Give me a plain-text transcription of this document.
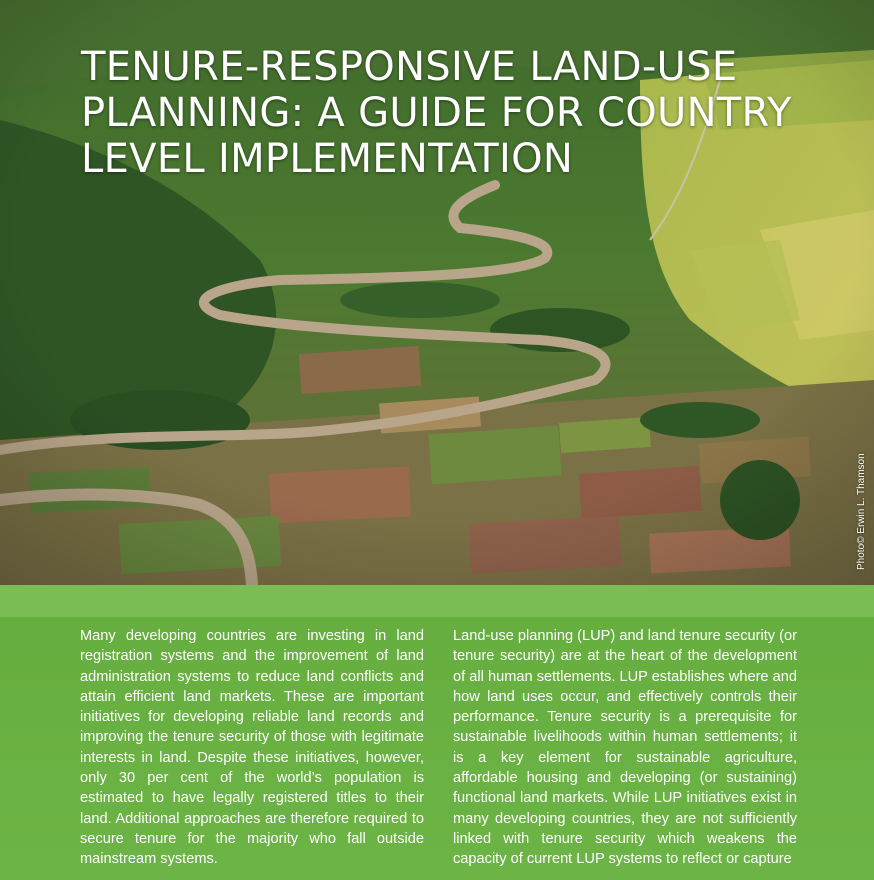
TENURE-RESPONSIVE LAND-USE PLANNING: A GUIDE FOR COUNTRY LEVEL IMPLEMENTATION
Photo© Erwin L. Thamson

Many developing countries are investing in land registration systems and the improvement of land administration systems to reduce land conflicts and attain efficient land markets. These are important initiatives for developing reliable land records and improving the tenure security of those with legitimate interests in land. Despite these initiatives, however, only 30 per cent of the world’s population is estimated to have legally registered titles to their land. Additional approaches are therefore required to secure tenure for the majority who fall outside mainstream systems.

Land-use planning (LUP) and land tenure security (or tenure security) are at the heart of the development of all human settlements. LUP establishes where and how land uses occur, and effectively controls their performance. Tenure security is a prerequisite for sustainable livelihoods within human settlements; it is a key element for sustainable agriculture, affordable housing and developing (or sustaining) functional land markets. While LUP initiatives exist in many developing countries, they are not sufficiently linked with tenure security which weakens the capacity of current LUP systems to reflect or capture
